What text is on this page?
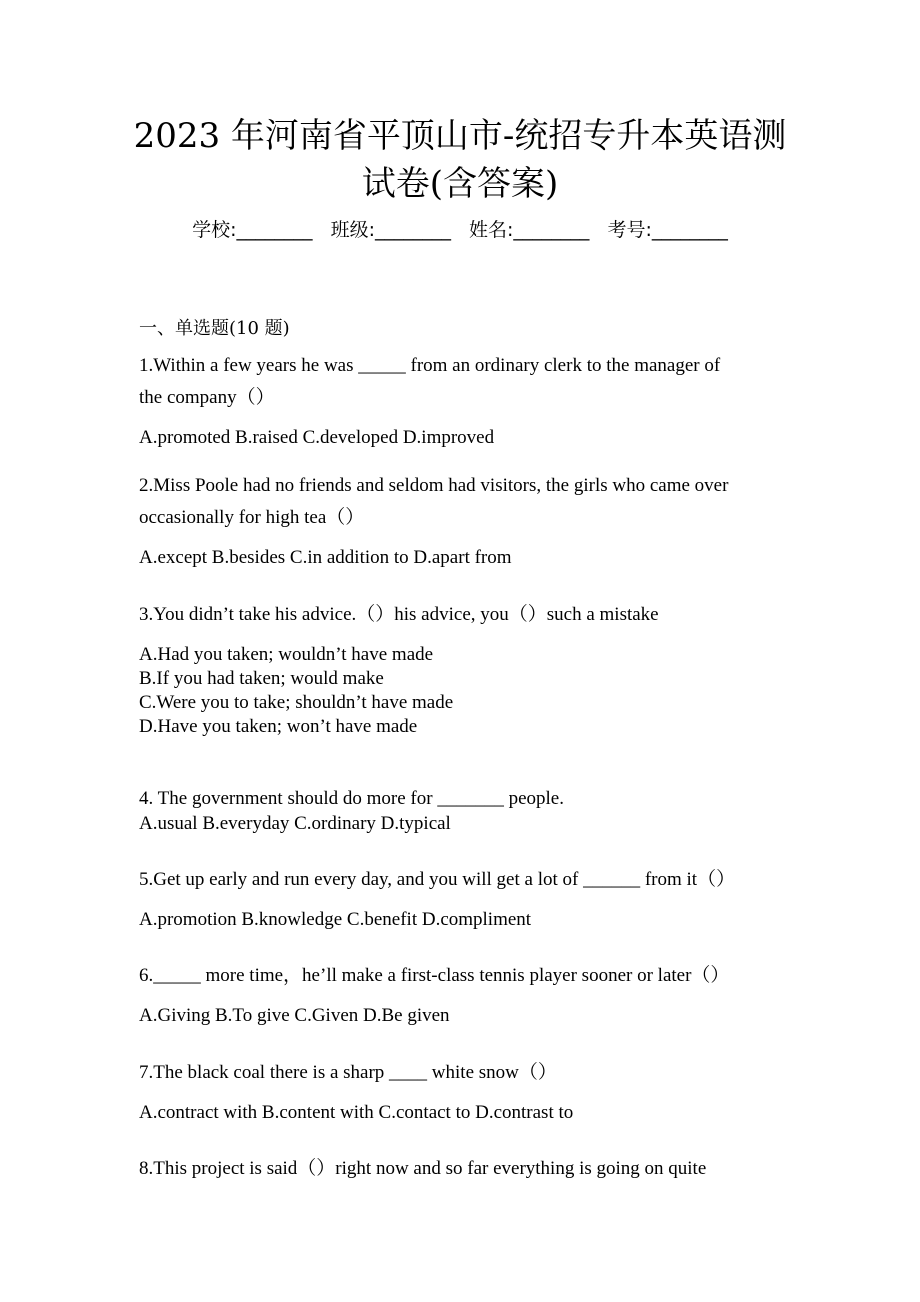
2023 年河南省平顶山市-统招专升本英语测
试卷(含答案)
学校:________ 班级:________ 姓名:________ 考号:________
一、单选题(10 题)
1.Within a few years he was _____ from an ordinary clerk to the manager of
the company（）
A.promoted B.raised C.developed D.improved
2.Miss Poole had no friends and seldom had visitors, the girls who came over
occasionally for high tea（）
A.except B.besides C.in addition to D.apart from
3.You didn’t take his advice.（）his advice, you（）such a mistake
A.Had you taken; wouldn’t have made
B.If you had taken; would make
C.Were you to take; shouldn’t have made
D.Have you taken; won’t have made
4. The government should do more for _______ people.
A.usual B.everyday C.ordinary D.typical
5.Get up early and run every day, and you will get a lot of ______ from it（）
A.promotion B.knowledge C.benefit D.compliment
6._____ more time，he’ll make a first-class tennis player sooner or later（）
A.Giving B.To give C.Given D.Be given
7.The black coal there is a sharp ____ white snow（）
A.contract with B.content with C.contact to D.contrast to
8.This project is said（）right now and so far everything is going on quite
